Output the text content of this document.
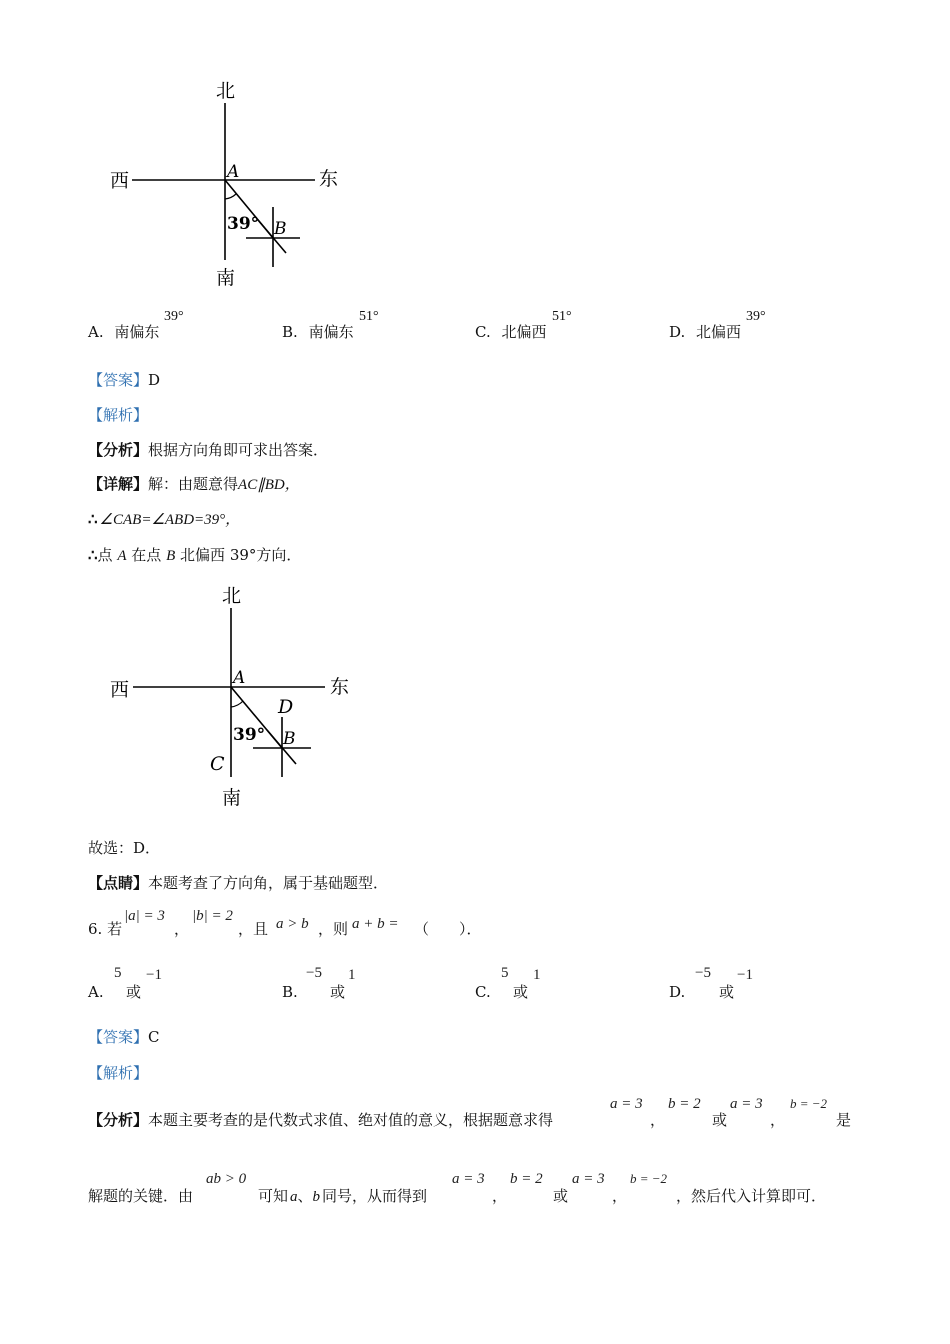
北
南
西	东
A
B
39°
A. 南偏东
39°
B. 南偏东
51°
C. 北偏西
51°
D. 北偏西
39°
【答案】D
【解析】
【分析】根据方向角即可求出答案．
【详解】解：由题意得AC∥BD，
∴ ∠CAB=∠ABD=39°，
∴点 A 在点 B 北偏西 39°方向．
北
南
西	东
A
B
C
D
39°
故选：D．
【点睛】本题考查了方向角，属于基础题型．
6. 若
|a| = 3
，
|b| = 2
，且 a > b ，则 a + b = （　　）．
A.
5
或
−1
B.
−5
或
1
C.
5
或
1
D.
−5
或
−1
【答案】C
【解析】
【分析】本题主要考查的是代数式求值、绝对值的意义，根据题意求得
a = 3
，
b = 2
或
a = 3
，
b = −2
是
解题的关键．由
ab > 0
可知 a、b 同号，从而得到
a = 3
，
b = 2
或
a = 3
，
b = −2
，然后代入计算即可．
